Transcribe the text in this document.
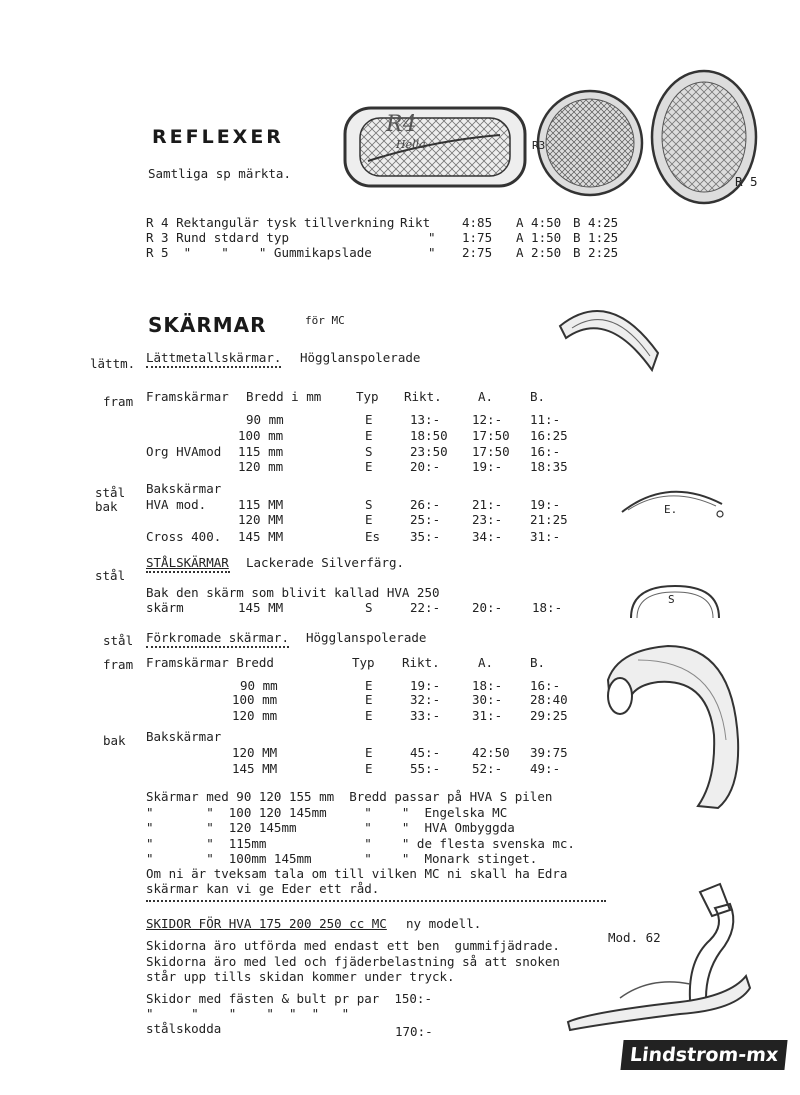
REFLEXER
Samtliga sp märkta.
R4
Hella	R3
R 5
R 4 Rektangulär tysk tillverkning Rikt	4:85 A 4:50 B 4:25
R 3 Rund stdard typ	" 1:75 A 1:50 B 1:25
R 5  "    "    " Gummikapslade	" 2:75 A 2:50 B 2:25
SKÄRMAR	för MC
lättm. Lättmetallskärmar. Högglanspolerade
fram Framskärmar Bredd i mm	Typ Rikt.	A.	B.
90 mm	E	13:-	12:- 11:-
100 mm	E	18:50 17:50 16:25
Org HVAmod 115 mm	S	23:50 17:50 16:-
120 mm	E	20:-	19:- 18:35
stål
bak
Bakskärmar
HVA mod.	115 MM	S	26:-	21:- 19:-
120 MM	E	25:-	23:- 21:25
Cross 400. 145 MM	Es 35:-	34:- 31:-
E.
STÅLSKÄRMAR Lackerade Silverfärg.
stål
Bak den skärm som blivit kallad HVA 250
skärm	145 MM	S	22:-	20:- 18:-
S
stål Förkromade skärmar. Högglanspolerade
fram Framskärmar Bredd	Typ Rikt.	A.	B.
90 mm	E	19:-	18:- 16:-
100 mm	E	32:-	30:- 28:40
120 mm	E	33:-	31:- 29:25
bak Bakskärmar
120 MM	E	45:-	42:50 39:75
145 MM	E	55:-	52:- 49:-
Skärmar med 90 120 155 mm  Bredd passar på HVA S pilen
"       "  100 120 145mm     "    "  Engelska MC
"       "  120 145mm         "    "  HVA Ombyggda
"       "  115mm             "    " de flesta svenska mc.
"       "  100mm 145mm       "    "  Monark stinget.
Om ni är tveksam tala om till vilken MC ni skall ha Edra
skärmar kan vi ge Eder ett råd.
SKIDOR FÖR HVA 175 200 250 cc MC ny modell.
Mod. 62
Skidorna äro utförda med endast ett ben  gummifjädrade.
Skidorna äro med led och fjäderbelastning så att snoken
står upp tills skidan kommer under tryck.
Skidor med fästen & bult pr par  150:-
"     "    "    "  "  "   "
stålskodda	170:-
Lindstrom-mx
